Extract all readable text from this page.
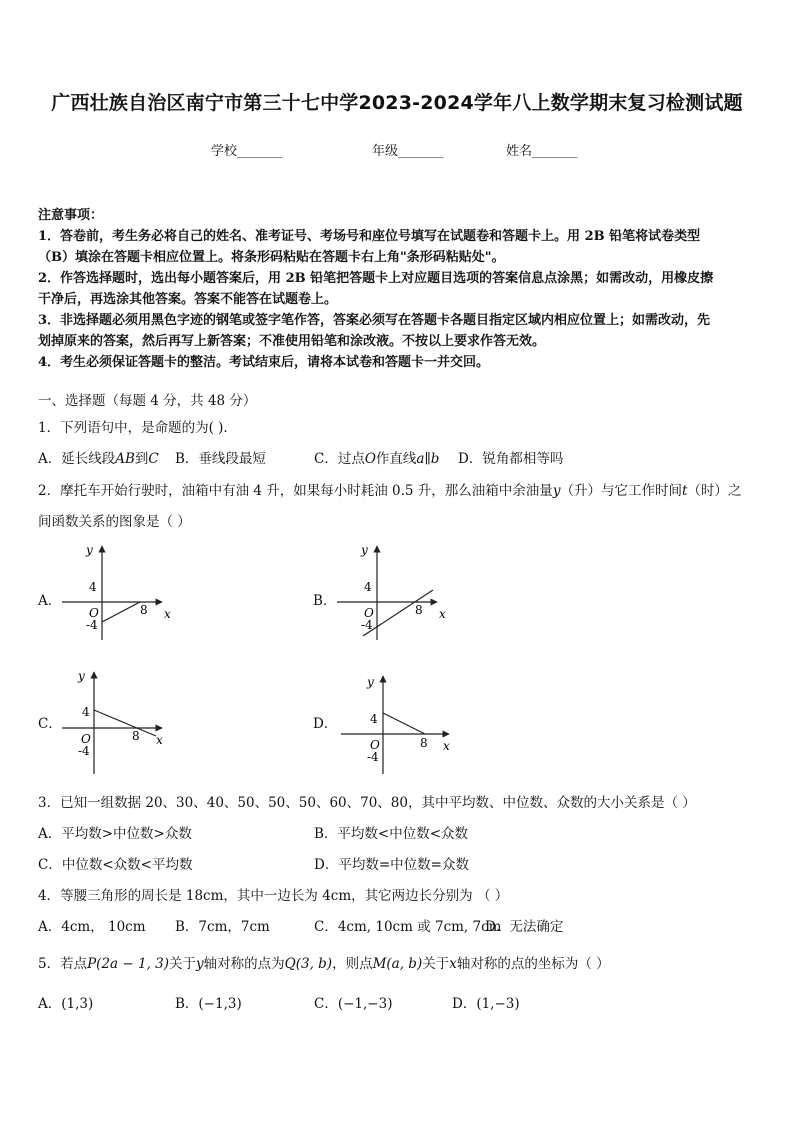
广西壮族自治区南宁市第三十七中学2023-2024学年八上数学期末复习检测试题
学校_______	年级_______	姓名_______
注意事项：
1．答卷前，考生务必将自己的姓名、准考证号、考场号和座位号填写在试题卷和答题卡上。用 2B 铅笔将试卷类型
（B）填涂在答题卡相应位置上。将条形码粘贴在答题卡右上角"条形码粘贴处"。
2．作答选择题时，选出每小题答案后，用 2B 铅笔把答题卡上对应题目选项的答案信息点涂黑；如需改动，用橡皮擦
干净后，再选涂其他答案。答案不能答在试题卷上。
3．非选择题必须用黑色字迹的钢笔或签字笔作答，答案必须写在答题卡各题目指定区域内相应位置上；如需改动，先
划掉原来的答案，然后再写上新答案；不准使用铅笔和涂改液。不按以上要求作答无效。
4．考生必须保证答题卡的整洁。考试结束后，请将本试卷和答题卡一并交回。
一、选择题（每题 4 分，共 48 分）
1．下列语句中，是命题的为( ).
A．延长线段AB到C B．垂线段最短	C．过点O作直线a∥b D．锐角都相等吗
2．摩托车开始行驶时，油箱中有油 4 升，如果每小时耗油 0.5 升，那么油箱中余油量y（升）与它工作时间t（时）之
间函数关系的图象是（ ）
A．	B．
C．	D．
y
x
4
O
-4
8
y
x
4
O
-4
8
y
x
4
O
-4
8
y
x
4
O
-4
8
3．已知一组数据 20、30、40、50、50、50、60、70、80，其中平均数、中位数、众数的大小关系是（ ）
A．平均数>中位数>众数	B．平均数<中位数<众数
C．中位数<众数<平均数	D．平均数=中位数=众数
4．等腰三角形的周长是 18cm，其中一边长为 4cm，其它两边长分别为 （ ）
A．4cm， 10cm B．7cm，7cm	C．4cm, 10cm 或 7cm, 7cm
D．无法确定
5．若点P(2a − 1, 3)关于y轴对称的点为Q(3, b)，则点M(a, b)关于x轴对称的点的坐标为（ ）
A．(1,3)	B．(−1,3)	C．(−1,−3)	D．(1,−3)
